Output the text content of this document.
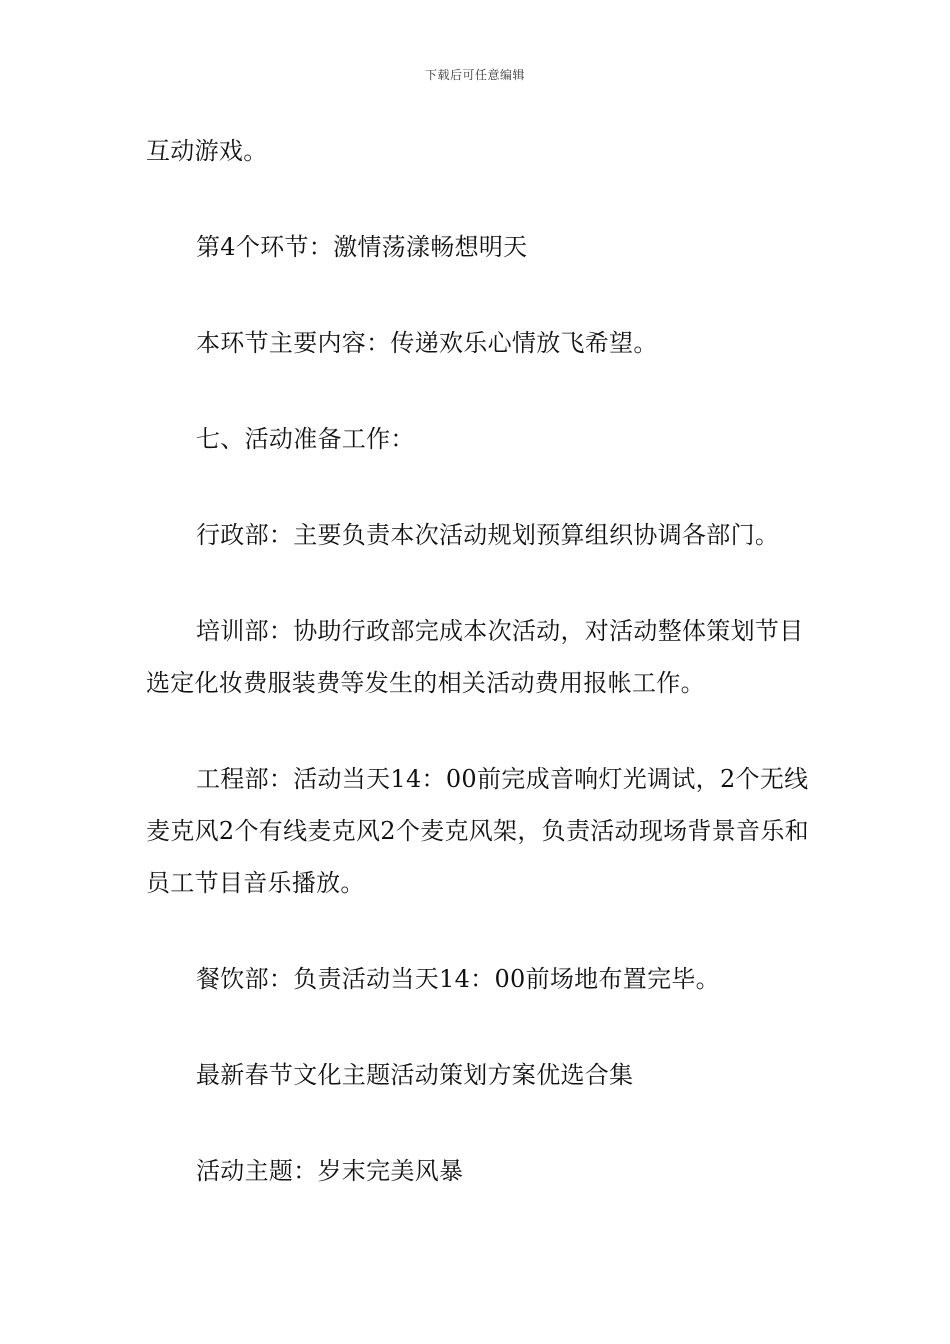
下载后可任意编辑

互动游戏。

第4个环节：激情荡漾畅想明天

本环节主要内容：传递欢乐心情放飞希望。

七、活动准备工作：

行政部：主要负责本次活动规划预算组织协调各部门。

培训部：协助行政部完成本次活动，对活动整体策划节目选定化妆费服装费等发生的相关活动费用报帐工作。

工程部：活动当天14：00前完成音响灯光调试，2个无线麦克风2个有线麦克风2个麦克风架，负责活动现场背景音乐和员工节目音乐播放。

餐饮部：负责活动当天14：00前场地布置完毕。

最新春节文化主题活动策划方案优选合集

活动主题：岁末完美风暴
